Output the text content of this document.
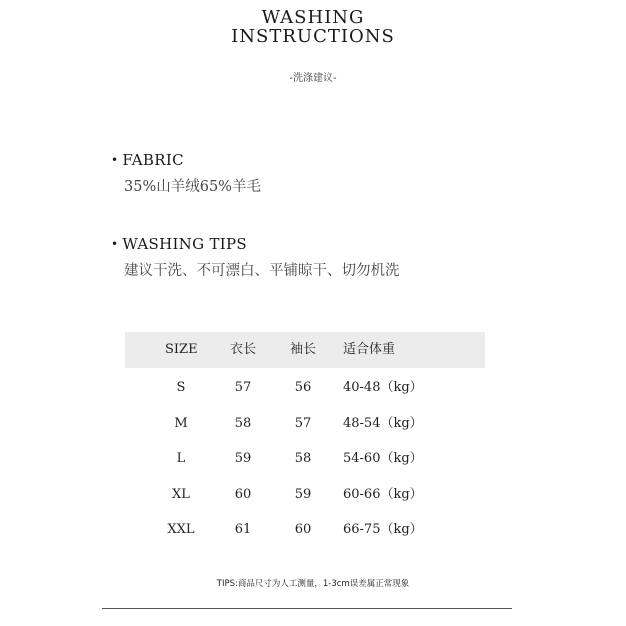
WASHING
INSTRUCTIONS
-洗涤建议-
• FABRIC
35%山羊绒65%羊毛
• WASHING TIPS
建议干洗、不可漂白、平铺晾干、切勿机洗
SIZE	衣长	袖长	适合体重
S	57	56	40-48（kg）
M	58	57	48-54（kg）
L	59	58	54-60（kg）
XL	60	59	60-66（kg）
XXL	61	60	66-75（kg）
TIPS:商品尺寸为人工测量，1-3cm误差属正常现象
